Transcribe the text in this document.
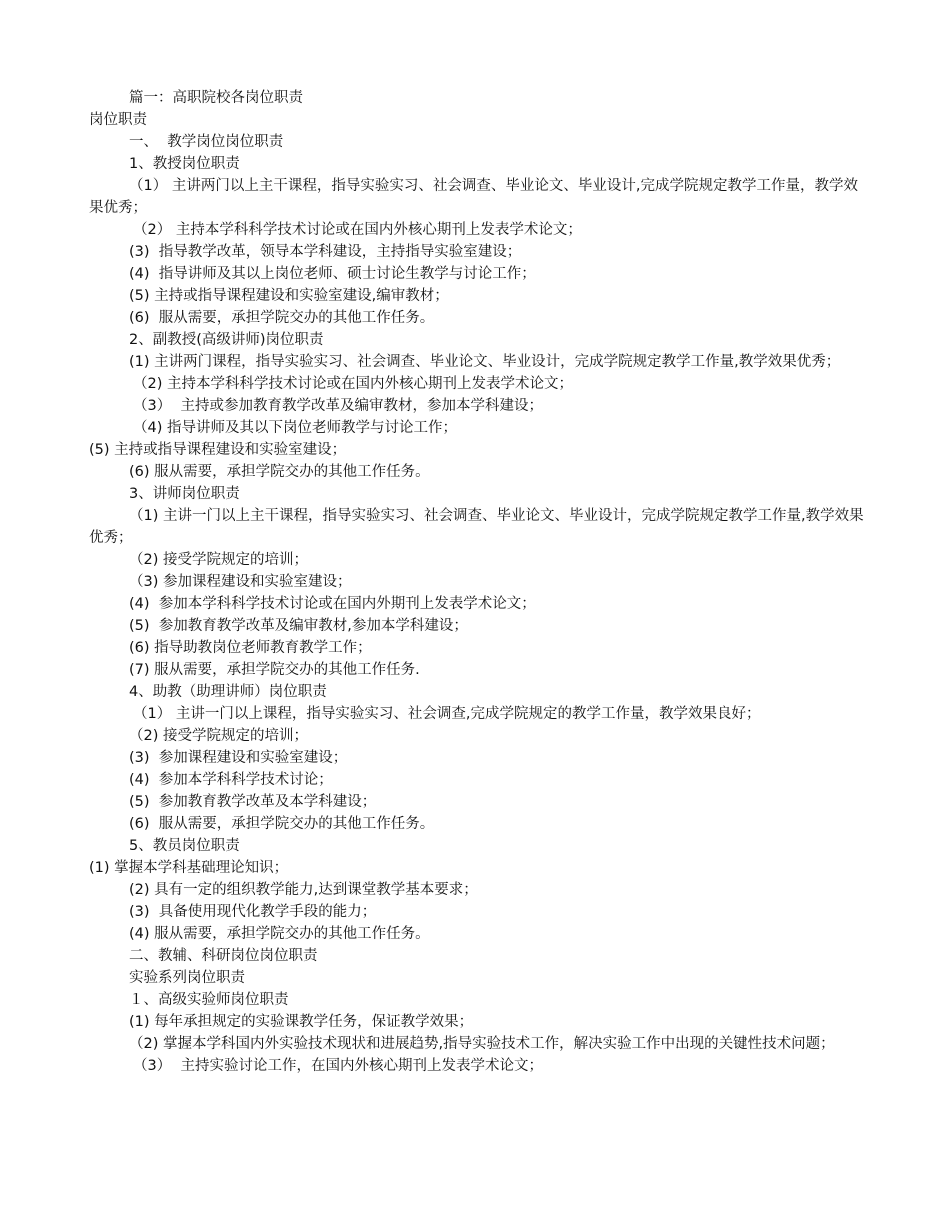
篇一：高职院校各岗位职责
岗位职责
一、  教学岗位岗位职责
1、教授岗位职责
（1） 主讲两门以上主干课程，指导实验实习、社会调查、毕业论文、毕业设计,完成学院规定教学工作量，教学效果优秀；
（2） 主持本学科科学技术讨论或在国内外核心期刊上发表学术论文；
(3)  指导教学改革，领导本学科建设，主持指导实验室建设；
(4)  指导讲师及其以上岗位老师、硕士讨论生教学与讨论工作；
(5) 主持或指导课程建设和实验室建设,编审教材；
(6)  服从需要，承担学院交办的其他工作任务。
2、副教授(高级讲师)岗位职责
(1) 主讲两门课程，指导实验实习、社会调查、毕业论文、毕业设计，完成学院规定教学工作量,教学效果优秀；
（2) 主持本学科科学技术讨论或在国内外核心期刊上发表学术论文；
（3）  主持或参加教育教学改革及编审教材，参加本学科建设；
（4) 指导讲师及其以下岗位老师教学与讨论工作；
(5) 主持或指导课程建设和实验室建设；
(6) 服从需要，承担学院交办的其他工作任务。
3、讲师岗位职责
（1) 主讲一门以上主干课程，指导实验实习、社会调查、毕业论文、毕业设计，完成学院规定教学工作量,教学效果优秀；
（2) 接受学院规定的培训；
（3) 参加课程建设和实验室建设；
(4)  参加本学科科学技术讨论或在国内外期刊上发表学术论文；
(5)  参加教育教学改革及编审教材,参加本学科建设；
(6) 指导助教岗位老师教育教学工作；
(7) 服从需要，承担学院交办的其他工作任务.
4、助教（助理讲师）岗位职责
（1） 主讲一门以上课程，指导实验实习、社会调查,完成学院规定的教学工作量，教学效果良好；
（2) 接受学院规定的培训；
(3)  参加课程建设和实验室建设；
(4)  参加本学科科学技术讨论；
(5)  参加教育教学改革及本学科建设；
(6)  服从需要，承担学院交办的其他工作任务。
5、教员岗位职责
(1) 掌握本学科基础理论知识；
(2) 具有一定的组织教学能力,达到课堂教学基本要求；
(3)  具备使用现代化教学手段的能力；
(4) 服从需要，承担学院交办的其他工作任务。
二、教辅、科研岗位岗位职责
实验系列岗位职责
１、高级实验师岗位职责
(1) 每年承担规定的实验课教学任务，保证教学效果；
（2) 掌握本学科国内外实验技术现状和进展趋势,指导实验技术工作，解决实验工作中出现的关键性技术问题；
（3）  主持实验讨论工作，在国内外核心期刊上发表学术论文；
